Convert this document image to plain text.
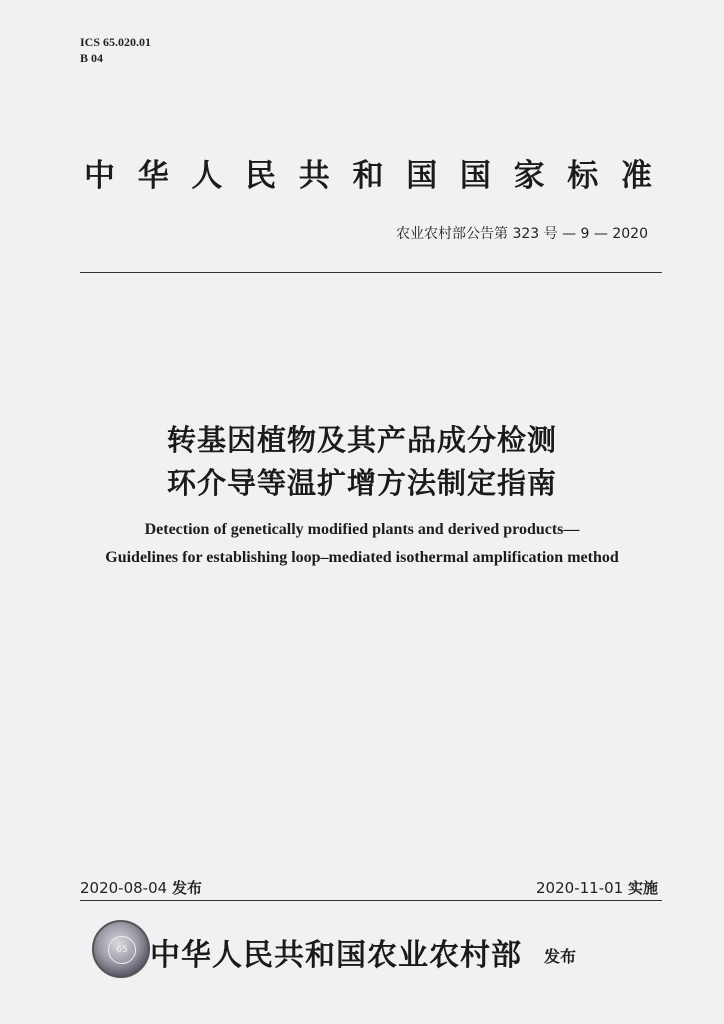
ICS 65.020.01
B 04
中华人民共和国国家标准
农业农村部公告第 323 号 — 9 — 2020
转基因植物及其产品成分检测
环介导等温扩增方法制定指南
Detection of genetically modified plants and derived products—
Guidelines for establishing loop–mediated isothermal amplification method
2020-08-04 发布	2020-11-01 实施
65 中华人民共和国农业农村部 发布
